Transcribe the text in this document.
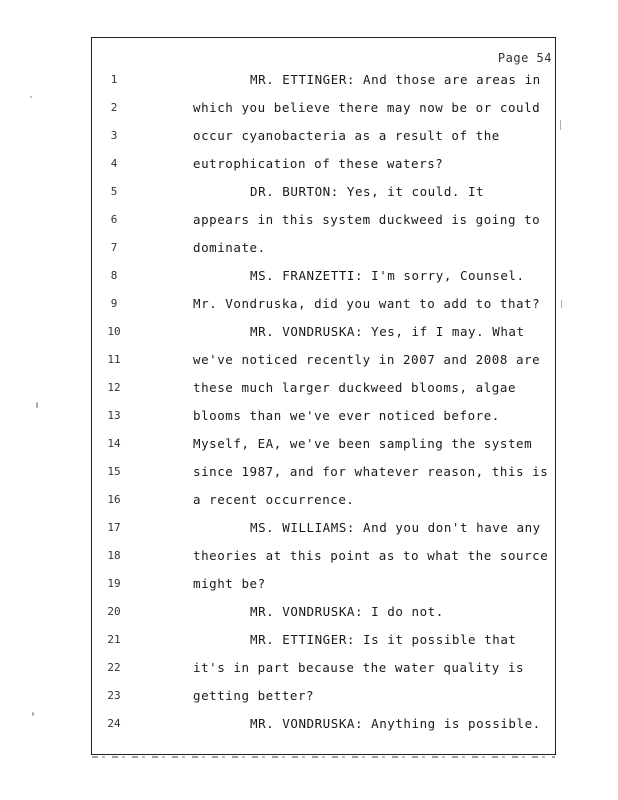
Page 54
1	MR. ETTINGER: And those are areas in
2	which you believe there may now be or could
3	occur cyanobacteria as a result of the
4	eutrophication of these waters?
5	DR. BURTON: Yes, it could. It
6	appears in this system duckweed is going to
7	dominate.
8	MS. FRANZETTI: I'm sorry, Counsel.
9	Mr. Vondruska, did you want to add to that?
10	MR. VONDRUSKA: Yes, if I may. What
11	we've noticed recently in 2007 and 2008 are
12	these much larger duckweed blooms, algae
13	blooms than we've ever noticed before.
14	Myself, EA, we've been sampling the system
15	since 1987, and for whatever reason, this is
16	a recent occurrence.
17	MS. WILLIAMS: And you don't have any
18	theories at this point as to what the source
19	might be?
20	MR. VONDRUSKA: I do not.
21	MR. ETTINGER: Is it possible that
22	it's in part because the water quality is
23	getting better?
24	MR. VONDRUSKA: Anything is possible.
